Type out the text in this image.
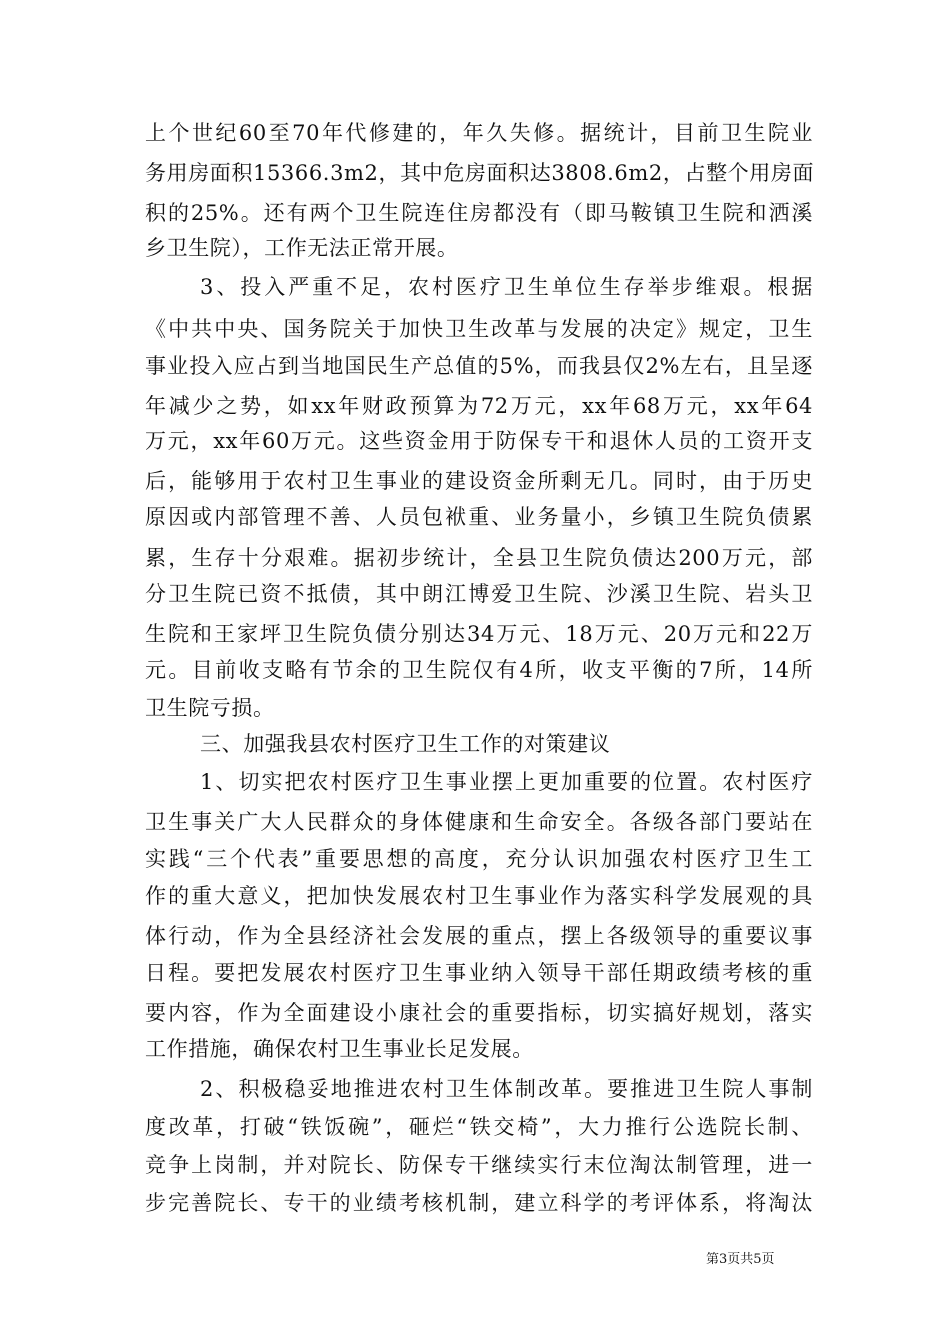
上个世纪60至70年代修建的，年久失修。据统计，目前卫生院业
务用房面积15366.3m2，其中危房面积达3808.6m2，占整个用房面
积的25%。还有两个卫生院连住房都没有（即马鞍镇卫生院和洒溪
乡卫生院），工作无法正常开展。
3、投入严重不足，农村医疗卫生单位生存举步维艰。根据
《中共中央、国务院关于加快卫生改革与发展的决定》规定，卫生
事业投入应占到当地国民生产总值的5%，而我县仅2%左右，且呈逐
年减少之势，如xx年财政预算为72万元，xx年68万元，xx年64
万元，xx年60万元。这些资金用于防保专干和退休人员的工资开支
后，能够用于农村卫生事业的建设资金所剩无几。同时，由于历史
原因或内部管理不善、人员包袱重、业务量小，乡镇卫生院负债累
累，生存十分艰难。据初步统计，全县卫生院负债达200万元，部
分卫生院已资不抵债，其中朗江博爱卫生院、沙溪卫生院、岩头卫
生院和王家坪卫生院负债分别达34万元、18万元、20万元和22万
元。目前收支略有节余的卫生院仅有4所，收支平衡的7所，14所
卫生院亏损。
三、加强我县农村医疗卫生工作的对策建议
1、切实把农村医疗卫生事业摆上更加重要的位置。农村医疗
卫生事关广大人民群众的身体健康和生命安全。各级各部门要站在
实践“三个代表”重要思想的高度，充分认识加强农村医疗卫生工
作的重大意义，把加快发展农村卫生事业作为落实科学发展观的具
体行动，作为全县经济社会发展的重点，摆上各级领导的重要议事
日程。要把发展农村医疗卫生事业纳入领导干部任期政绩考核的重
要内容，作为全面建设小康社会的重要指标，切实搞好规划，落实
工作措施，确保农村卫生事业长足发展。
2、积极稳妥地推进农村卫生体制改革。要推进卫生院人事制
度改革，打破“铁饭碗”，砸烂“铁交椅”，大力推行公选院长制、
竞争上岗制，并对院长、防保专干继续实行末位淘汰制管理，进一
步完善院长、专干的业绩考核机制，建立科学的考评体系，将淘汰
第3页共5页
